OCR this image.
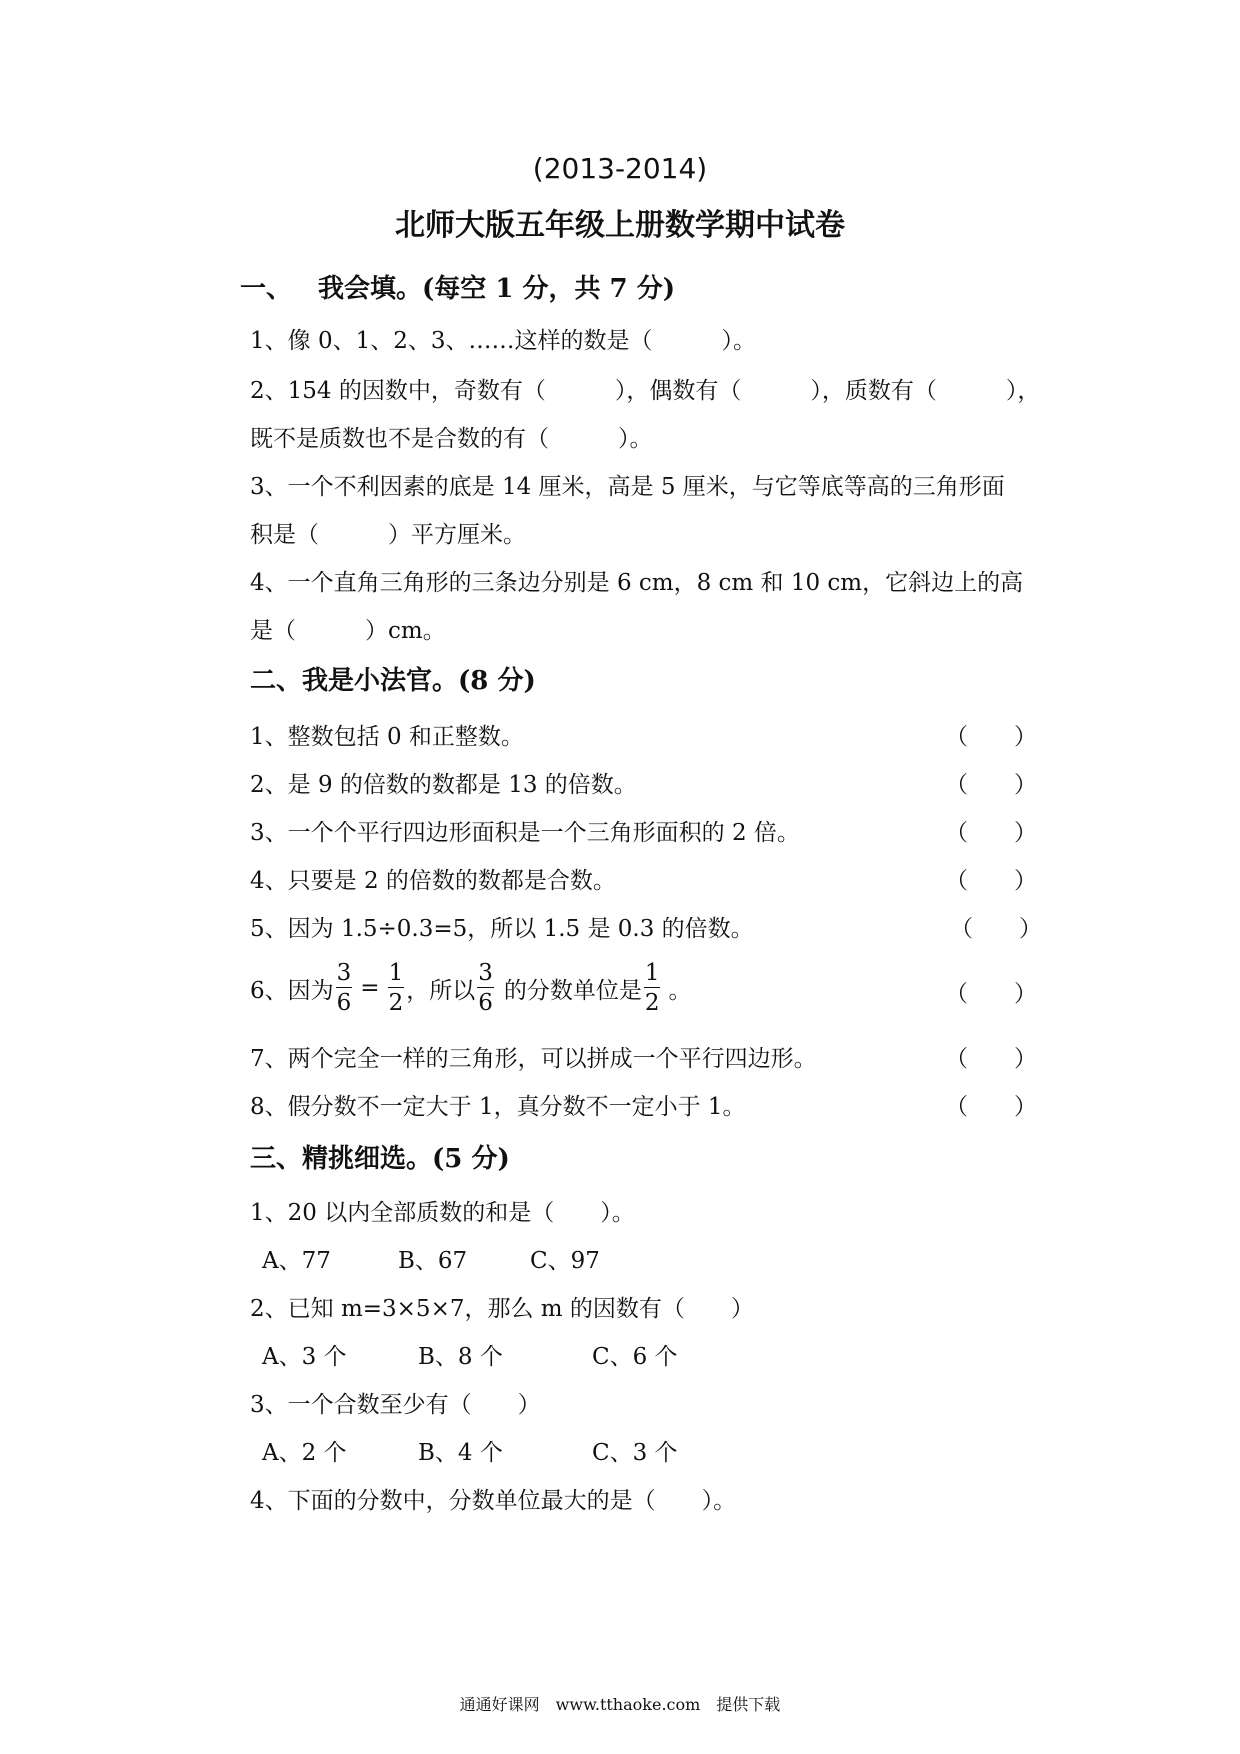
(2013-2014)
北师大版五年级上册数学期中试卷
一、 我会填。(每空 1 分，共 7 分)
1、像 0、1、2、3、……这样的数是（　　　）。
2、154 的因数中，奇数有（　　　），偶数有（　　　），质数有（　　　），
既不是质数也不是合数的有（　　　）。
3、一个不利因素的底是 14 厘米，高是 5 厘米，与它等底等高的三角形面
积是（　　　）平方厘米。
4、一个直角三角形的三条边分别是 6 cm，8 cm 和 10 cm，它斜边上的高
是（　　　）cm。
二、我是小法官。(8 分)
1、整数包括 0 和正整数。	（　　）
2、是 9 的倍数的数都是 13 的倍数。	（　　）
3、一个个平行四边形面积是一个三角形面积的 2 倍。	（　　）
4、只要是 2 的倍数的数都是合数。	（　　）
5、因为 1.5÷0.3=5，所以 1.5 是 0.3 的倍数。	（　　）
6、因为 $\frac{3}{6} = \frac{1}{2}$ ，所以 $\frac{3}{6}$ 的分数单位是 $\frac{1}{2}$ 。	（　　）
7、两个完全一样的三角形，可以拼成一个平行四边形。	（　　）
8、假分数不一定大于 1，真分数不一定小于 1。	（　　）
三、精挑细选。(5 分)
1、20 以内全部质数的和是（　　）。
A、77	B、67	C、97
2、已知 m=3×5×7，那么 m 的因数有（　　）
A、3 个	B、8 个	C、6 个
3、一个合数至少有（　　）
A、2 个	B、4 个	C、3 个
4、下面的分数中，分数单位最大的是（　　）。
通通好课网　www.tthaoke.com　提供下载
